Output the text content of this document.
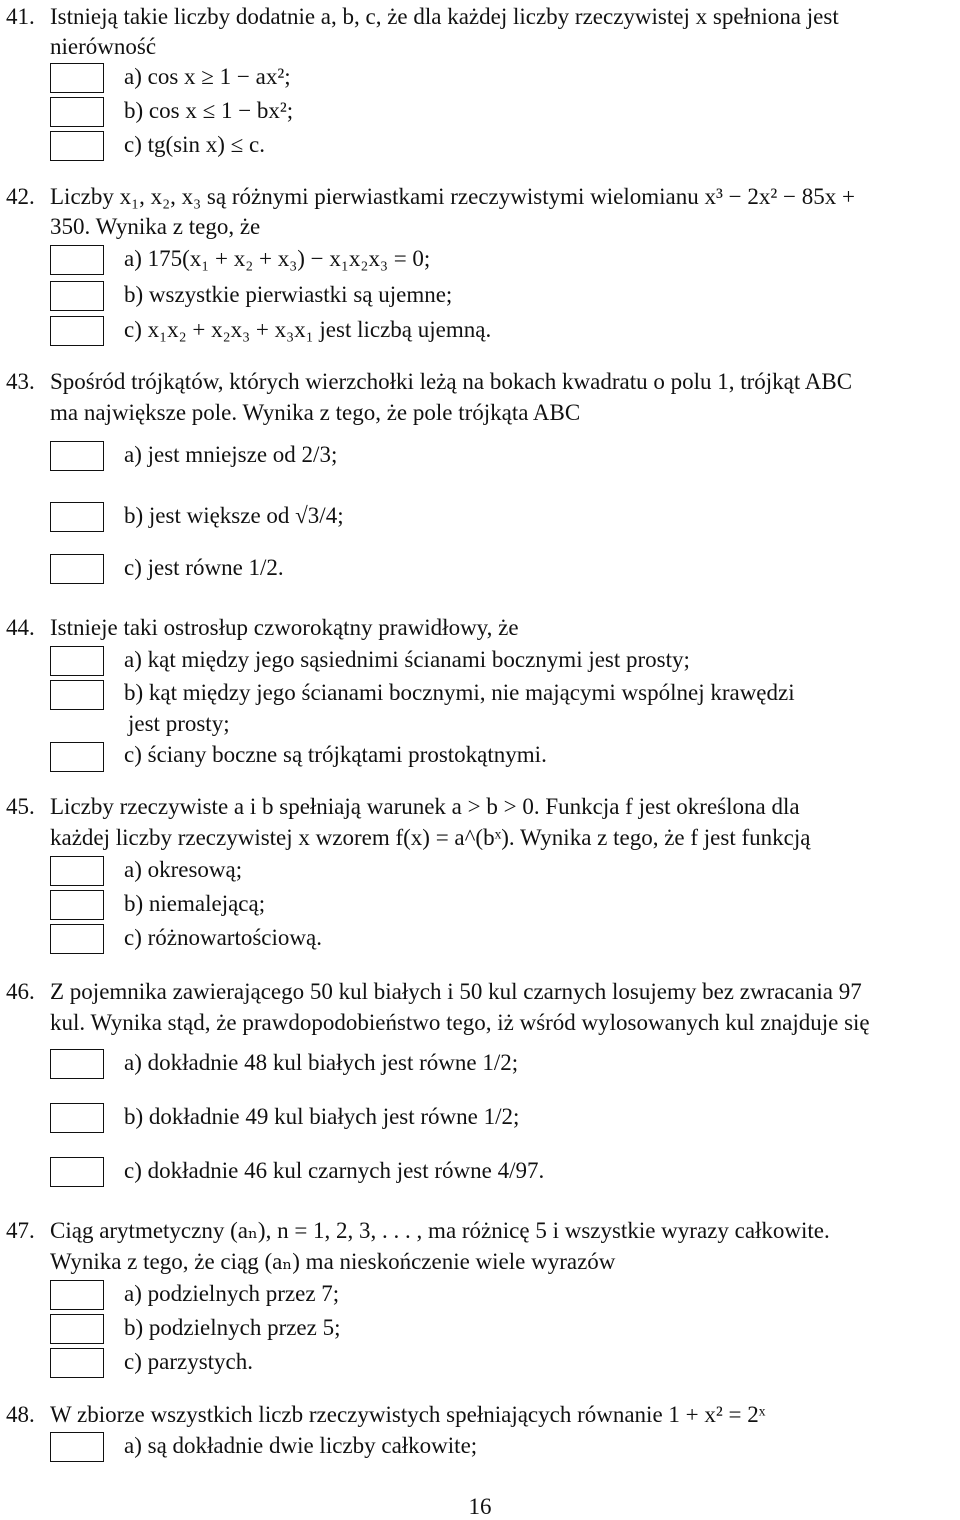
41. Istnieją takie liczby dodatnie a, b, c, że dla każdej liczby rzeczywistej x spełniona jest
nierówność
a) cos x ≥ 1 − ax²;
b) cos x ≤ 1 − bx²;
c) tg(sin x) ≤ c.
42. Liczby x₁, x₂, x₃ są różnymi pierwiastkami rzeczywistymi wielomianu x³ − 2x² − 85x +
350. Wynika z tego, że
a) 175(x₁ + x₂ + x₃) − x₁x₂x₃ = 0;
b) wszystkie pierwiastki są ujemne;
c) x₁x₂ + x₂x₃ + x₃x₁ jest liczbą ujemną.
43. Spośród trójkątów, których wierzchołki leżą na bokach kwadratu o polu 1, trójkąt ABC
ma największe pole. Wynika z tego, że pole trójkąta ABC
a) jest mniejsze od 2/3;
b) jest większe od √3/4;
c) jest równe 1/2.
44. Istnieje taki ostrosłup czworokątny prawidłowy, że
a) kąt między jego sąsiednimi ścianami bocznymi jest prosty;
b) kąt między jego ścianami bocznymi, nie mającymi wspólnej krawędzi
jest prosty;
c) ściany boczne są trójkątami prostokątnymi.
45. Liczby rzeczywiste a i b spełniają warunek a > b > 0. Funkcja f jest określona dla
każdej liczby rzeczywistej x wzorem f(x) = a^(bˣ). Wynika z tego, że f jest funkcją
a) okresową;
b) niemalejącą;
c) różnowartościową.
46. Z pojemnika zawierającego 50 kul białych i 50 kul czarnych losujemy bez zwracania 97
kul. Wynika stąd, że prawdopodobieństwo tego, iż wśród wylosowanych kul znajduje się
a) dokładnie 48 kul białych jest równe 1/2;
b) dokładnie 49 kul białych jest równe 1/2;
c) dokładnie 46 kul czarnych jest równe 4/97.
47. Ciąg arytmetyczny (aₙ), n = 1, 2, 3, . . . , ma różnicę 5 i wszystkie wyrazy całkowite.
Wynika z tego, że ciąg (aₙ) ma nieskończenie wiele wyrazów
a) podzielnych przez 7;
b) podzielnych przez 5;
c) parzystych.
48. W zbiorze wszystkich liczb rzeczywistych spełniających równanie 1 + x² = 2ˣ
a) są dokładnie dwie liczby całkowite;
16
